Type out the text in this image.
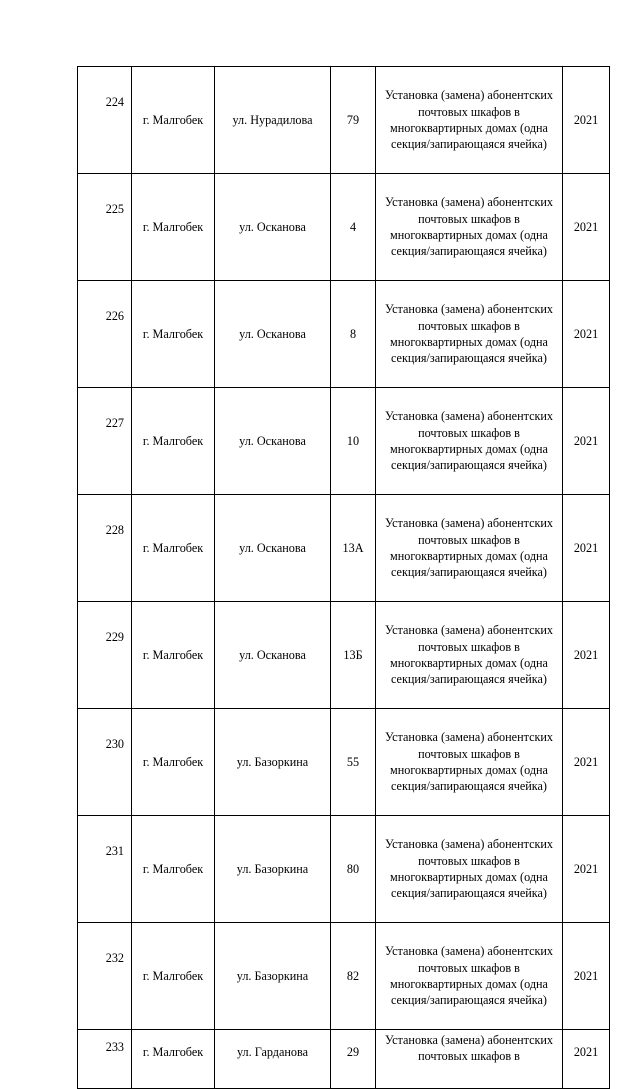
224	г. Малгобек	ул. Нурадилова	79	Установка (замена) абонентских почтовых шкафов в многоквартирных домах (одна секция/запирающаяся ячейка)	2021
225	г. Малгобек	ул. Осканова	4	Установка (замена) абонентских почтовых шкафов в многоквартирных домах (одна секция/запирающаяся ячейка)	2021
226	г. Малгобек	ул. Осканова	8	Установка (замена) абонентских почтовых шкафов в многоквартирных домах (одна секция/запирающаяся ячейка)	2021
227	г. Малгобек	ул. Осканова	10	Установка (замена) абонентских почтовых шкафов в многоквартирных домах (одна секция/запирающаяся ячейка)	2021
228	г. Малгобек	ул. Осканова	13А	Установка (замена) абонентских почтовых шкафов в многоквартирных домах (одна секция/запирающаяся ячейка)	2021
229	г. Малгобек	ул. Осканова	13Б	Установка (замена) абонентских почтовых шкафов в многоквартирных домах (одна секция/запирающаяся ячейка)	2021
230	г. Малгобек	ул. Базоркина	55	Установка (замена) абонентских почтовых шкафов в многоквартирных домах (одна секция/запирающаяся ячейка)	2021
231	г. Малгобек	ул. Базоркина	80	Установка (замена) абонентских почтовых шкафов в многоквартирных домах (одна секция/запирающаяся ячейка)	2021
232	г. Малгобек	ул. Базоркина	82	Установка (замена) абонентских почтовых шкафов в многоквартирных домах (одна секция/запирающаяся ячейка)	2021
233	г. Малгобек	ул. Гарданова	29	Установка (замена) абонентских почтовых шкафов в	2021
